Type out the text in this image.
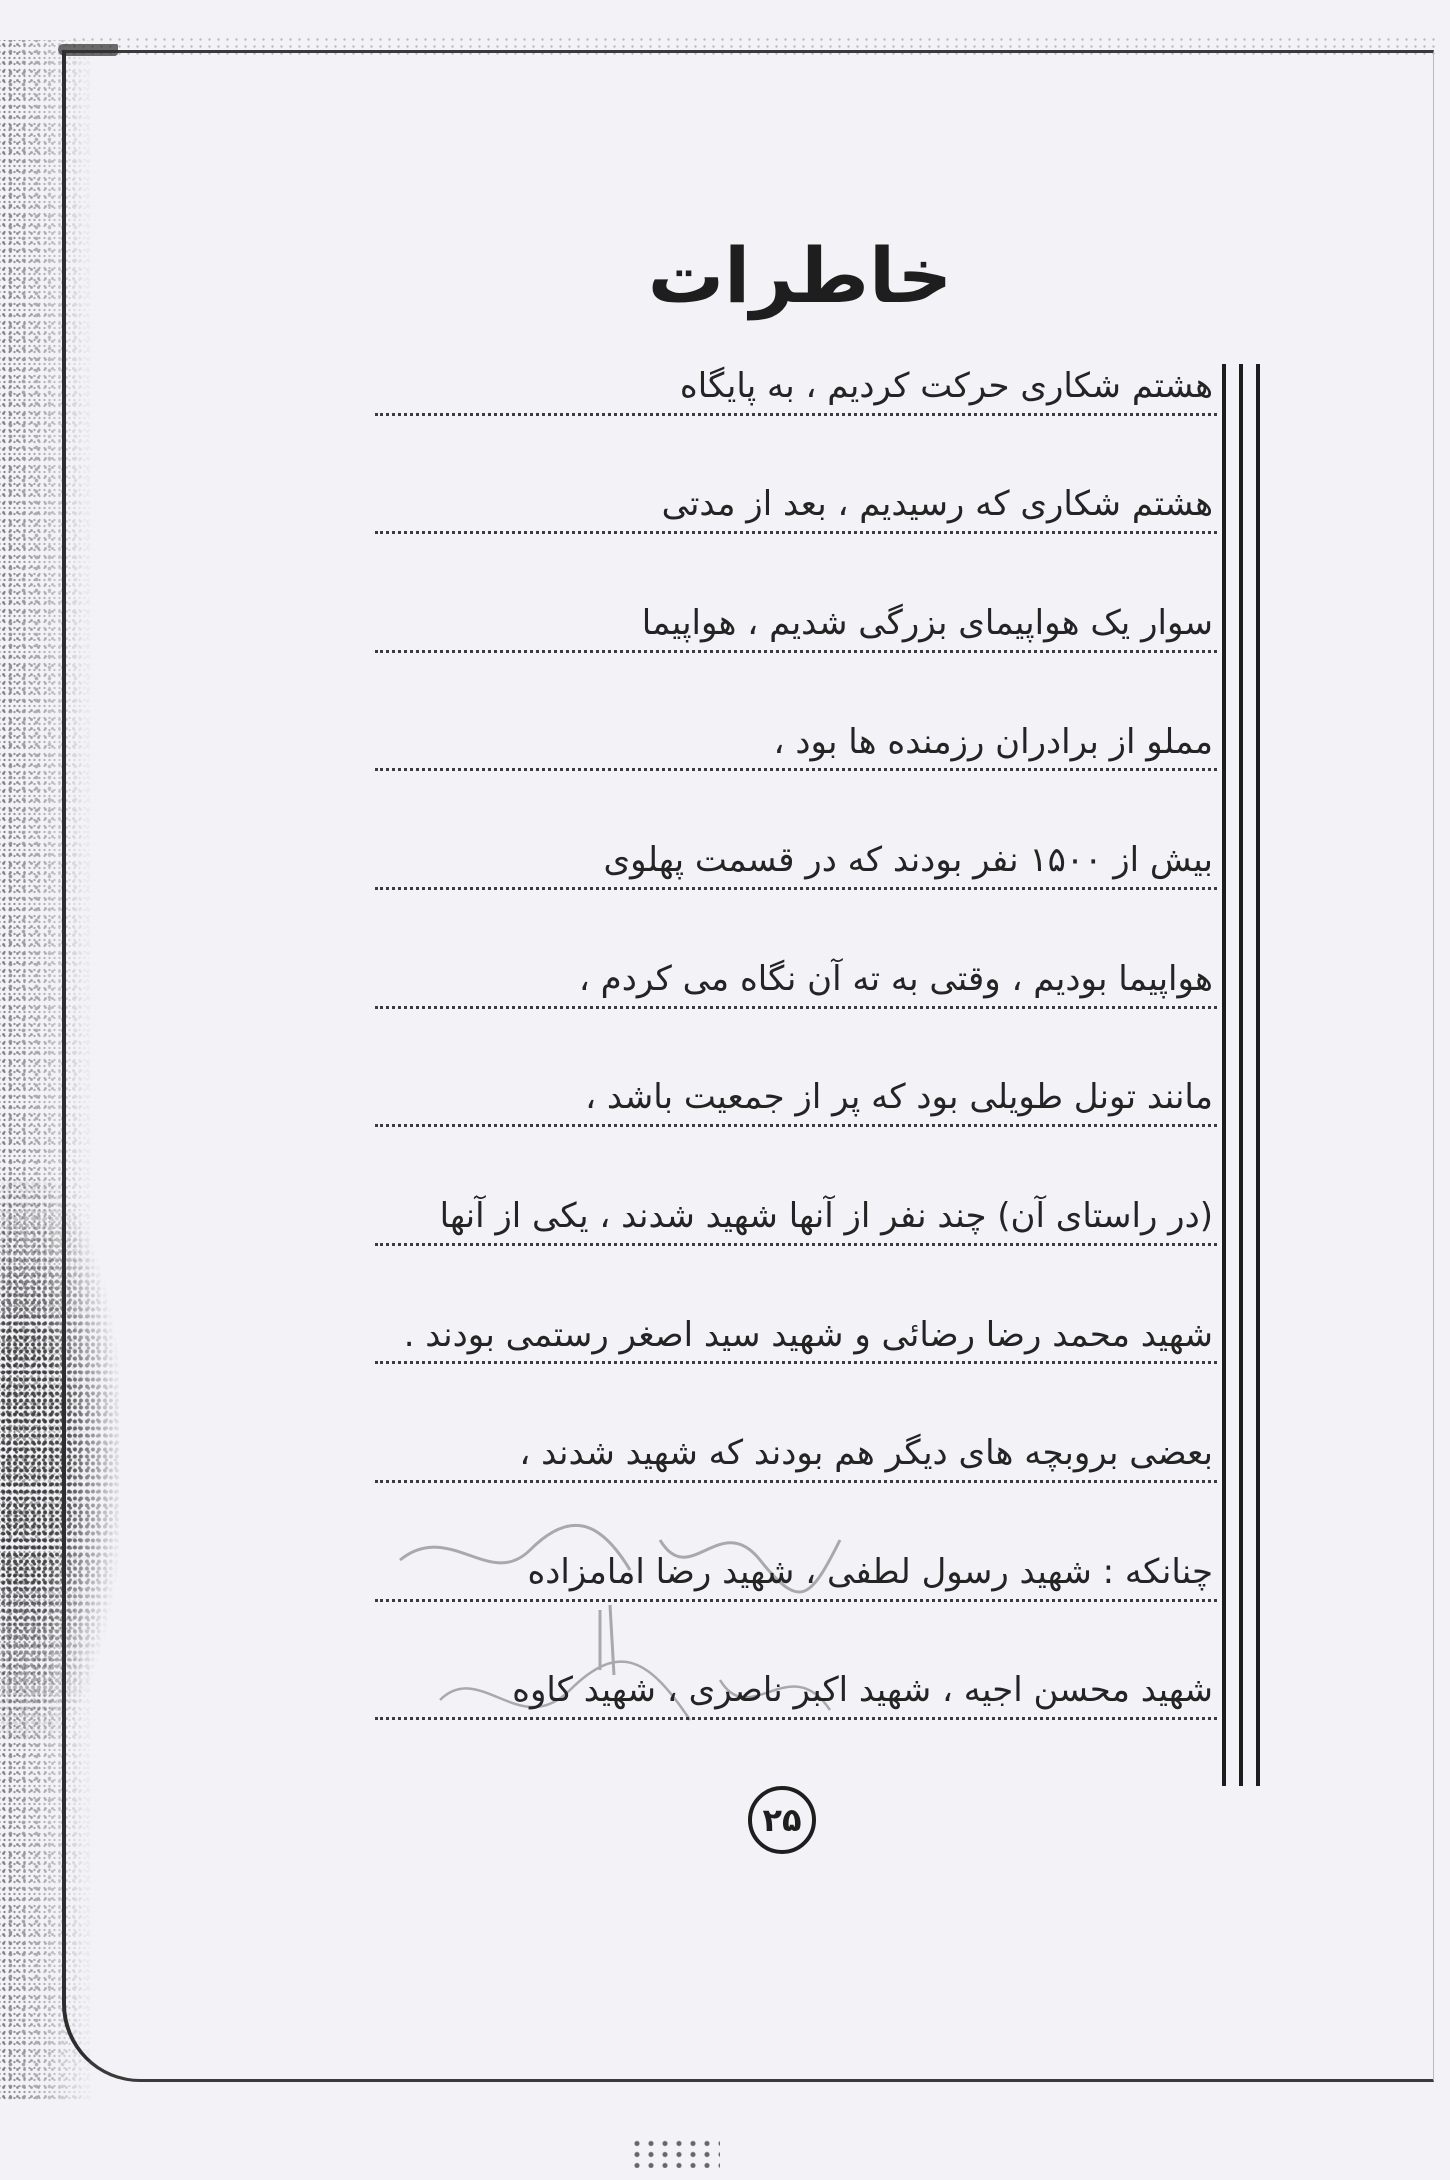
خاطرات
هشتم شکاری حرکت کردیم ، به پایگاه
هشتم شکاری که رسیدیم ، بعد از مدتی
سوار یک هواپیمای بزرگی شدیم ، هواپیما
مملو از برادران رزمنده ها بود ،
بیش از ۱۵۰۰ نفر بودند که در قسمت پهلوی
هواپیما بودیم ، وقتی به ته آن نگاه می کردم ،
مانند تونل طویلی بود که پر از جمعیت باشد ،
(در راستای آن) چند نفر از آنها شهید شدند ، یکی از آنها
شهید محمد رضا رضائی و شهید سید اصغر رستمی بودند .
بعضی بروبچه های دیگر هم بودند که شهید شدند ،
چنانکه : شهید رسول لطفی ، شهید رضا امامزاده
شهید محسن اجیه ، شهید اکبر ناصری ، شهید کاوه
۲۵
